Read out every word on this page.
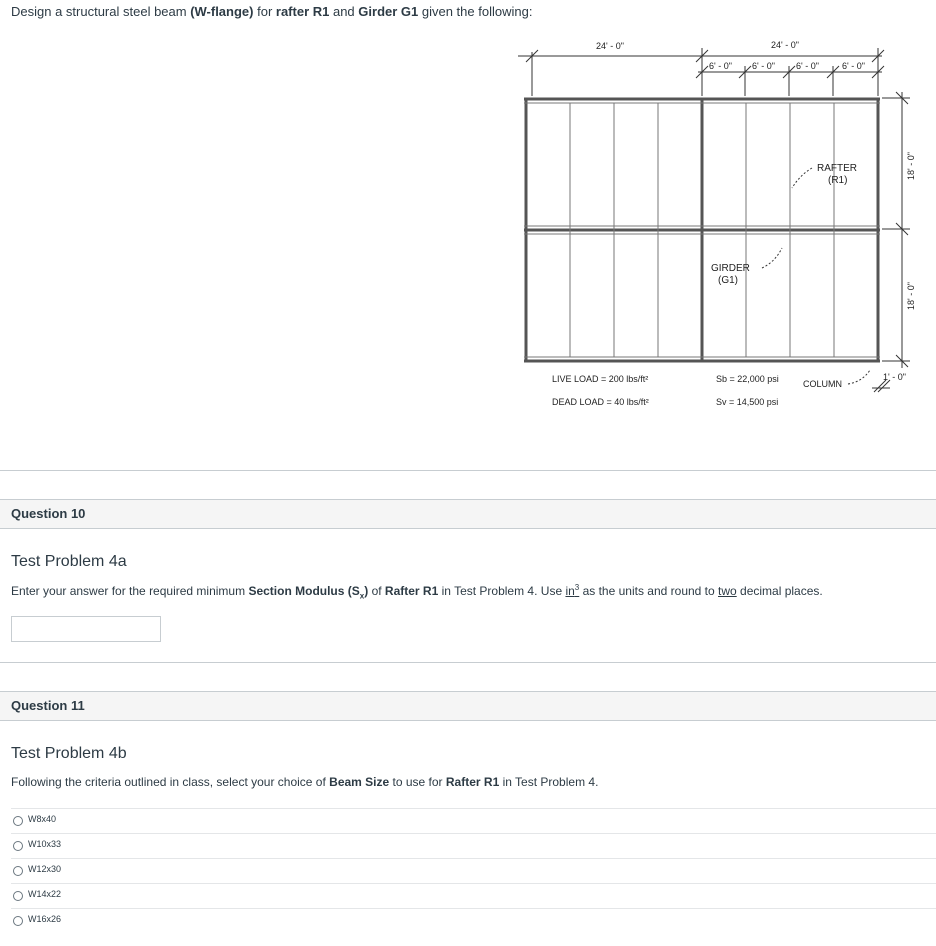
Design a structural steel beam (W-flange) for rafter R1 and Girder G1 given the following:
24' - 0"	24' - 0"
6' - 0" 6' - 0" 6' - 0"	6' - 0"
18' - 0"
18' - 0"
1' - 0"
RAFTER
(R1)
GIRDER
(G1)
LIVE LOAD = 200 lbs/ft²
DEAD LOAD = 40 lbs/ft²
Sb = 22,000 psi
Sv = 14,500 psi
COLUMN
Question 10
Test Problem 4a
Enter your answer for the required minimum Section Modulus $(S_x)$ of Rafter R1 in Test Problem 4. Use $in^3$ as the units and round to two decimal places.
Question 11
Test Problem 4b
Following the criteria outlined in class, select your choice of Beam Size to use for Rafter R1 in Test Problem 4.
W8x40
W10x33
W12x30
W14x22
W16x26
